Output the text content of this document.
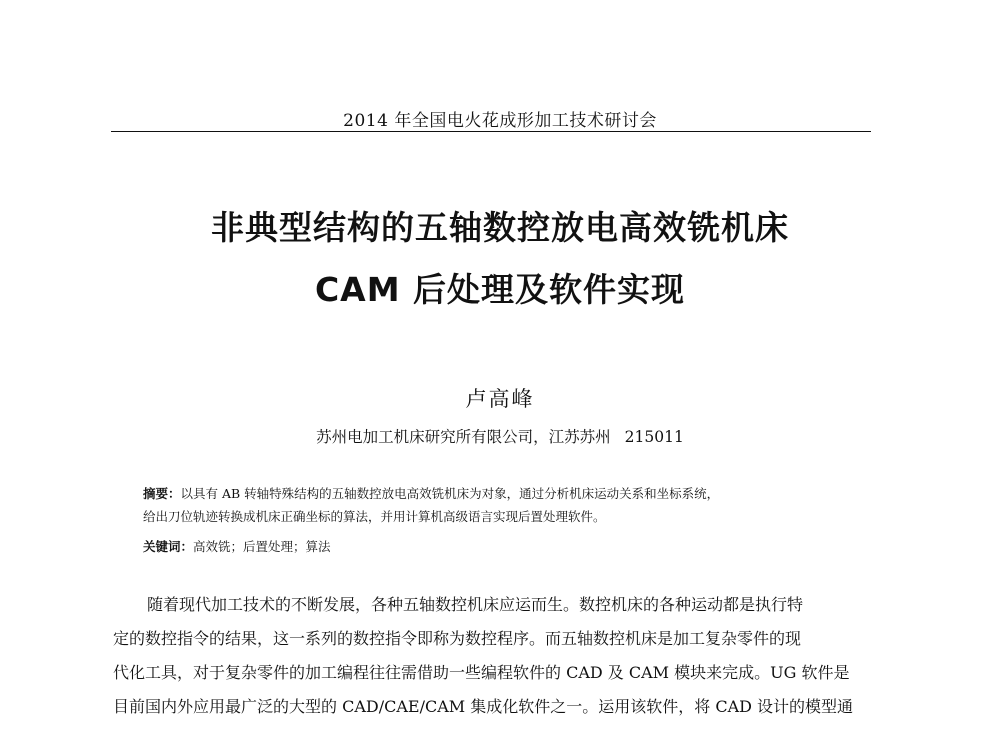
2014 年全国电火花成形加工技术研讨会
非典型结构的五轴数控放电高效铣机床
CAM 后处理及软件实现
卢高峰
苏州电加工机床研究所有限公司，江苏苏州 215011
摘要：以具有 AB 转轴特殊结构的五轴数控放电高效铣机床为对象，通过分析机床运动关系和坐标系统，
给出刀位轨迹转换成机床正确坐标的算法，并用计算机高级语言实现后置处理软件。
关键词：高效铣；后置处理；算法

随着现代加工技术的不断发展，各种五轴数控机床应运而生。数控机床的各种运动都是执行特
定的数控指令的结果，这一系列的数控指令即称为数控程序。而五轴数控机床是加工复杂零件的现
代化工具，对于复杂零件的加工编程往往需借助一些编程软件的 CAD 及 CAM 模块来完成。UG 软件是
目前国内外应用最广泛的大型的 CAD/CAE/CAM 集成化软件之一。运用该软件，将 CAD 设计的模型通
